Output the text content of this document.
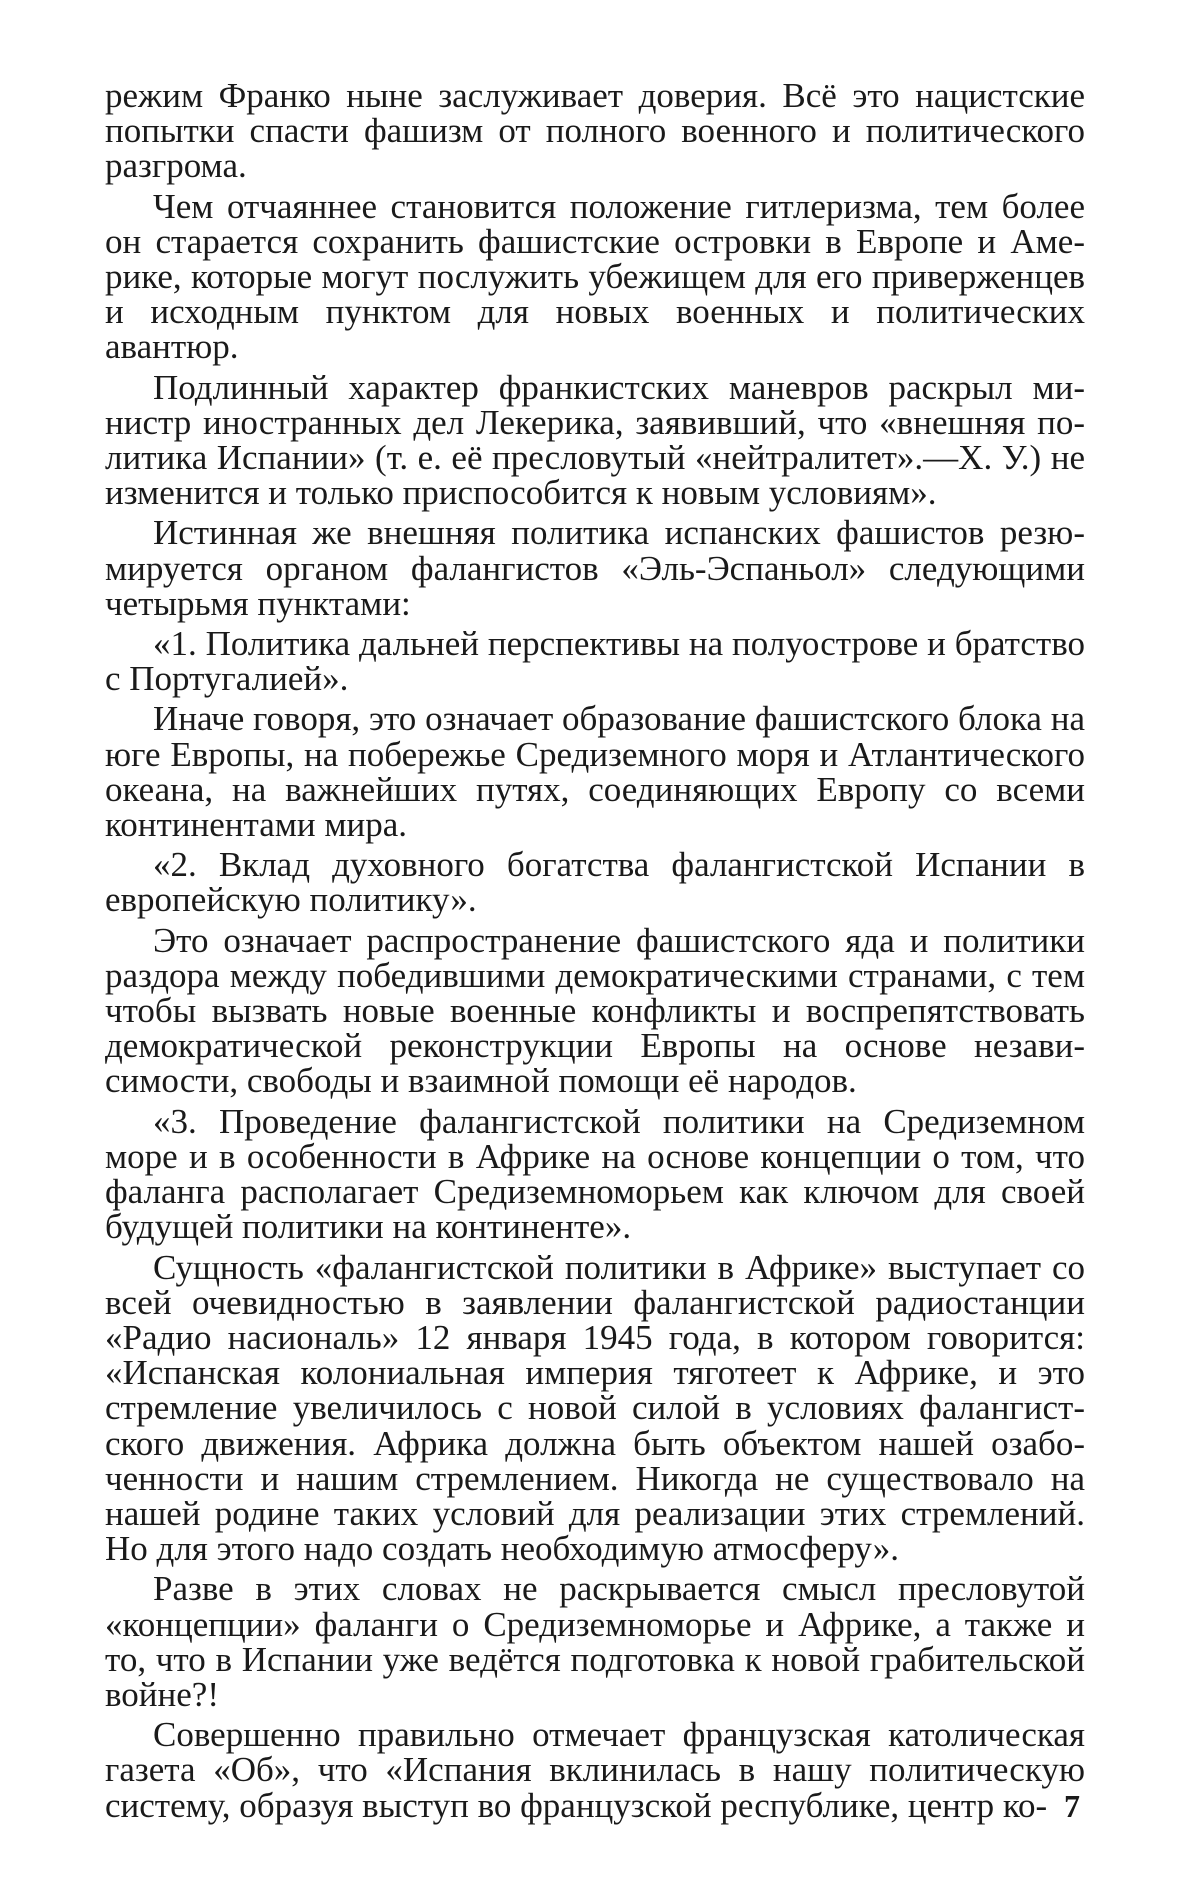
режим Франко ныне заслуживает доверия. Всё это нацистские попытки спасти фашизм от полного военного и политического разгрома.

Чем отчаяннее становится положение гитлеризма, тем более он старается сохранить фашистские островки в Европе и Америке, которые могут послужить убежищем для его приверженцев и исходным пунктом для новых военных и политических авантюр.

Подлинный характер франкистских маневров раскрыл министр иностранных дел Лекерика, заявивший, что «внешняя политика Испании» (т. е. её пресловутый «нейтралитет».—Х. У.) не изменится и только приспособится к новым условиям».

Истинная же внешняя политика испанских фашистов резюмируется органом фалангистов «Эль-Эспаньол» следующими четырьмя пунктами:

«1. Политика дальней перспективы на полуострове и братство с Португалией».

Иначе говоря, это означает образование фашистского блока на юге Европы, на побережье Средиземного моря и Атлантического океана, на важнейших путях, соединяющих Европу со всеми континентами мира.

«2. Вклад духовного богатства фалангистской Испании в европейскую политику».

Это означает распространение фашистского яда и политики раздора между победившими демократическими странами, с тем чтобы вызвать новые военные конфликты и воспрепятствовать демократической реконструкции Европы на основе независимости, свободы и взаимной помощи её народов.

«3. Проведение фалангистской политики на Средиземном море и в особенности в Африке на основе концепции о том, что фаланга располагает Средиземноморьем как ключом для своей будущей политики на континенте».

Сущность «фалангистской политики в Африке» выступает со всей очевидностью в заявлении фалангистской радиостанции «Радио насиональ» 12 января 1945 года, в котором говорится: «Испанская колониальная империя тяготеет к Африке, и это стремление увеличилось с новой силой в условиях фалангистского движения. Африка должна быть объектом нашей озабоченности и нашим стремлением. Никогда не существовало на нашей родине таких условий для реализации этих стремлений. Но для этого надо создать необходимую атмосферу».

Разве в этих словах не раскрывается смысл пресловутой «концепции» фаланги о Средиземноморье и Африке, а также и то, что в Испании уже ведётся подготовка к новой грабительской войне?!

Совершенно правильно отмечает французская католическая газета «Об», что «Испания вклинилась в нашу политическую систему, образуя выступ во французской республике, центр ко- 7
